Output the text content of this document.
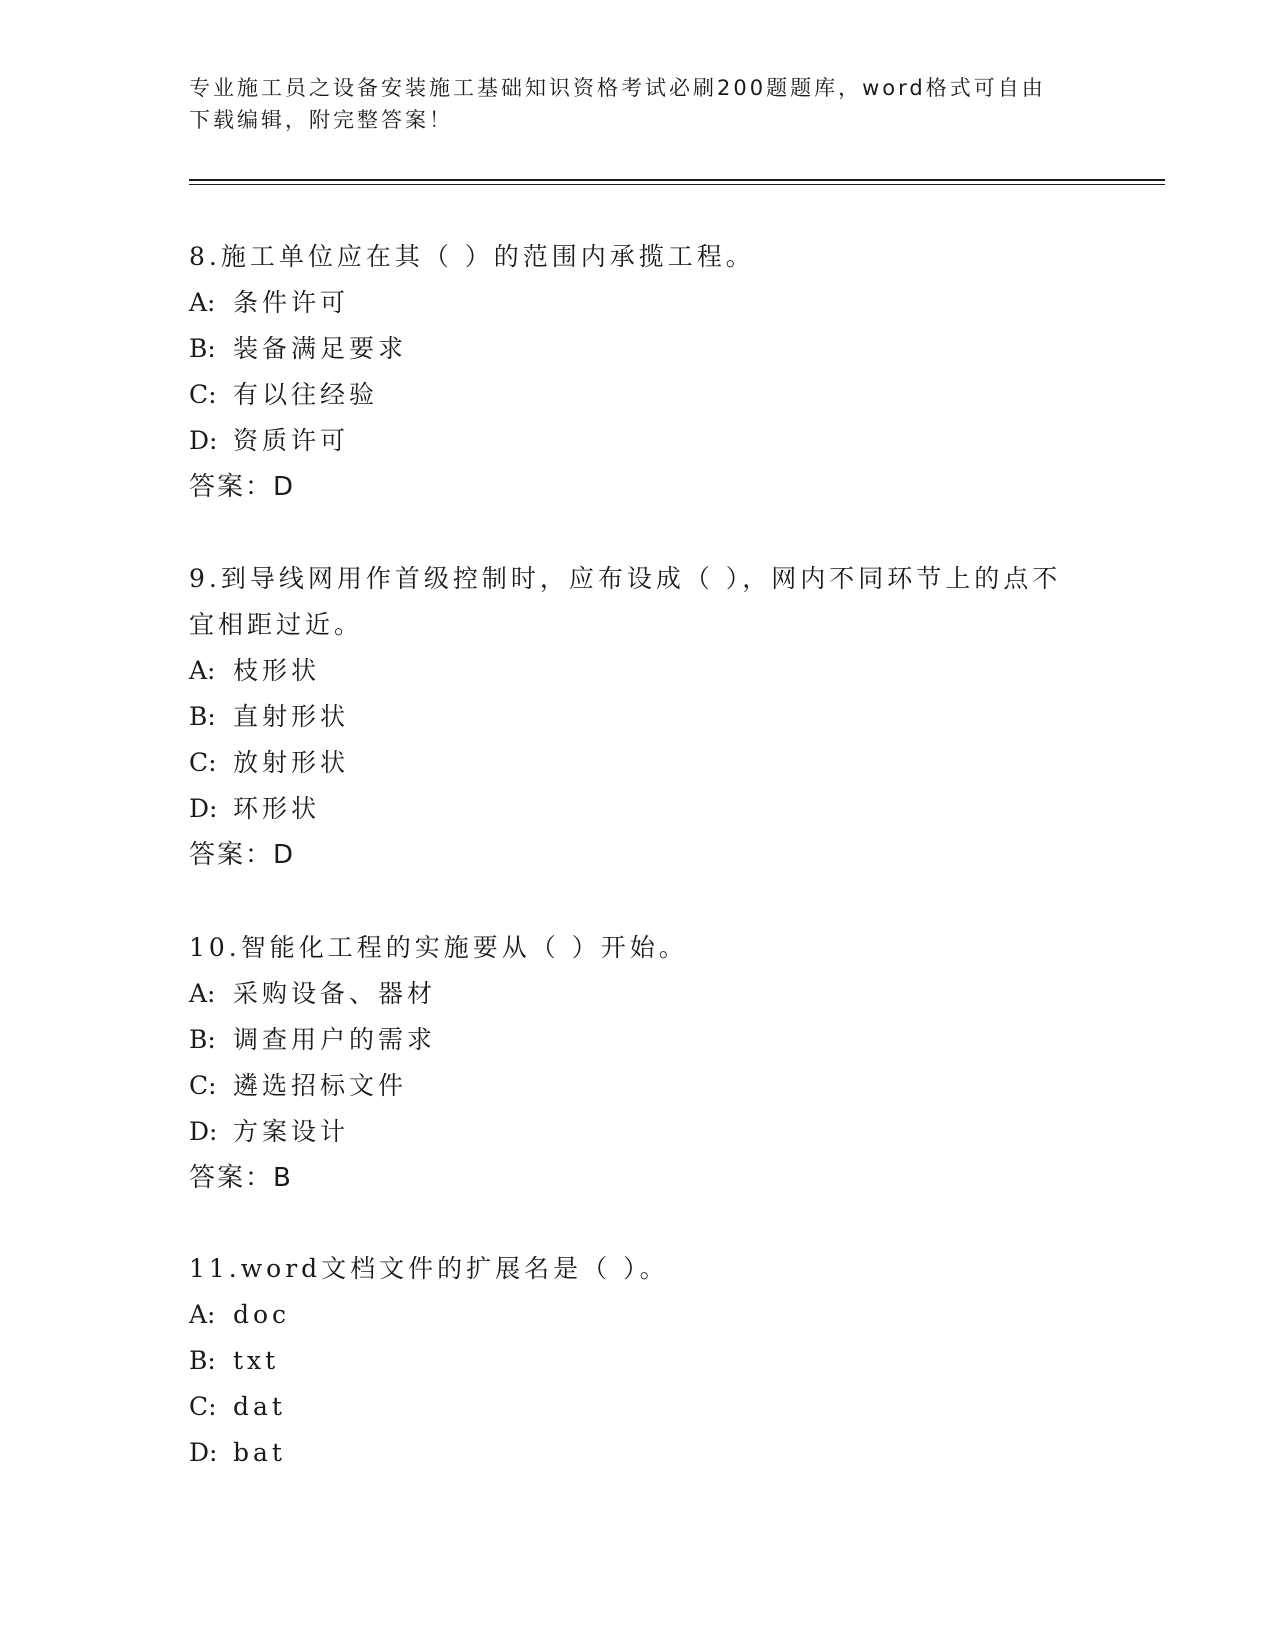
专业施工员之设备安装施工基础知识资格考试必刷200题题库，word格式可自由
下载编辑，附完整答案！
8.施工单位应在其（ ）的范围内承揽工程。
A: 条件许可
B: 装备满足要求
C: 有以往经验
D: 资质许可
答案：D
9.到导线网用作首级控制时，应布设成（ ），网内不同环节上的点不
宜相距过近。
A: 枝形状
B: 直射形状
C: 放射形状
D: 环形状
答案：D
10.智能化工程的实施要从（ ）开始。
A: 采购设备、器材
B: 调查用户的需求
C: 遴选招标文件
D: 方案设计
答案：B
11.word文档文件的扩展名是（ ）。
A: doc
B: txt
C: dat
D: bat
